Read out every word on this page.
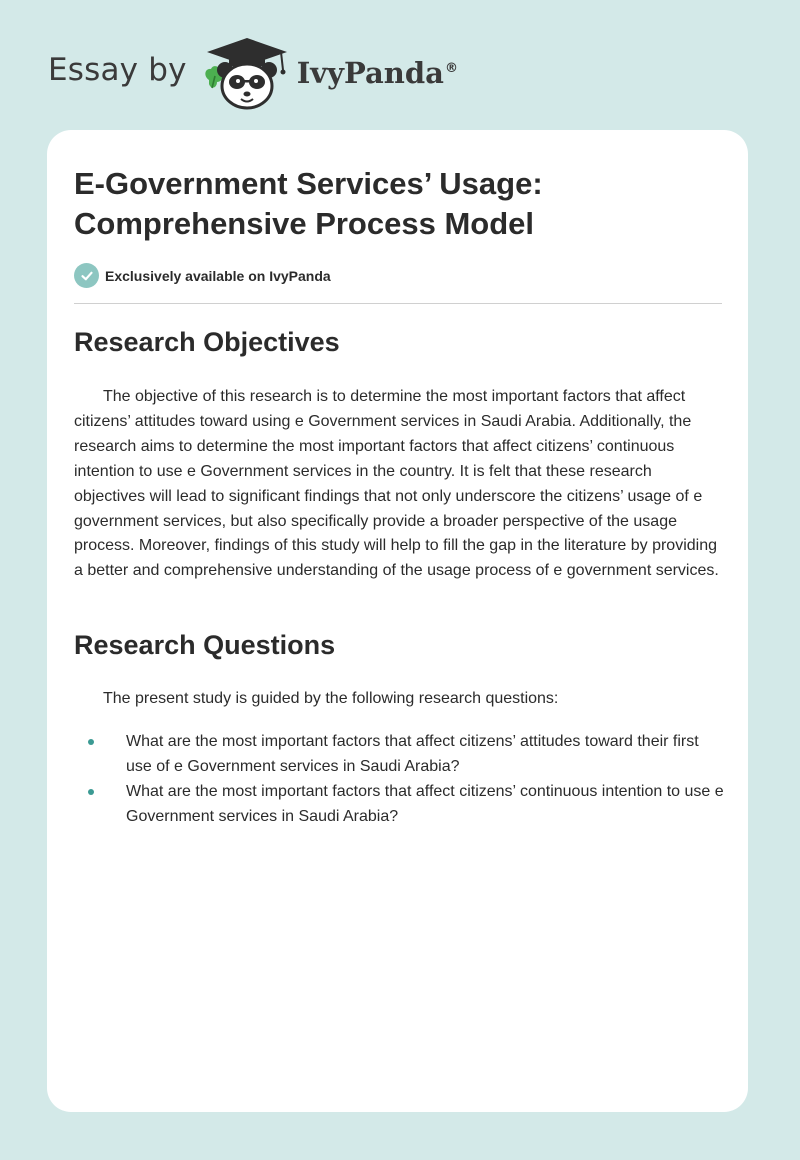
Essay by	IvyPanda®
E-Government Services’ Usage: Comprehensive Process Model
Exclusively available on IvyPanda
Research Objectives

The objective of this research is to determine the most important factors that affect citizens’ attitudes toward using e Government services in Saudi Arabia. Additionally, the research aims to determine the most important factors that affect citizens’ continuous intention to use e Government services in the country. It is felt that these research objectives will lead to significant findings that not only underscore the citizens’ usage of e government services, but also specifically provide a broader perspective of the usage process. Moreover, findings of this study will help to fill the gap in the literature by providing a better and comprehensive understanding of the usage process of e government services.

Research Questions

The present study is guided by the following research questions:

What are the most important factors that affect citizens’ attitudes toward their first use of e Government services in Saudi Arabia?
What are the most important factors that affect citizens’ continuous intention to use e Government services in Saudi Arabia?
